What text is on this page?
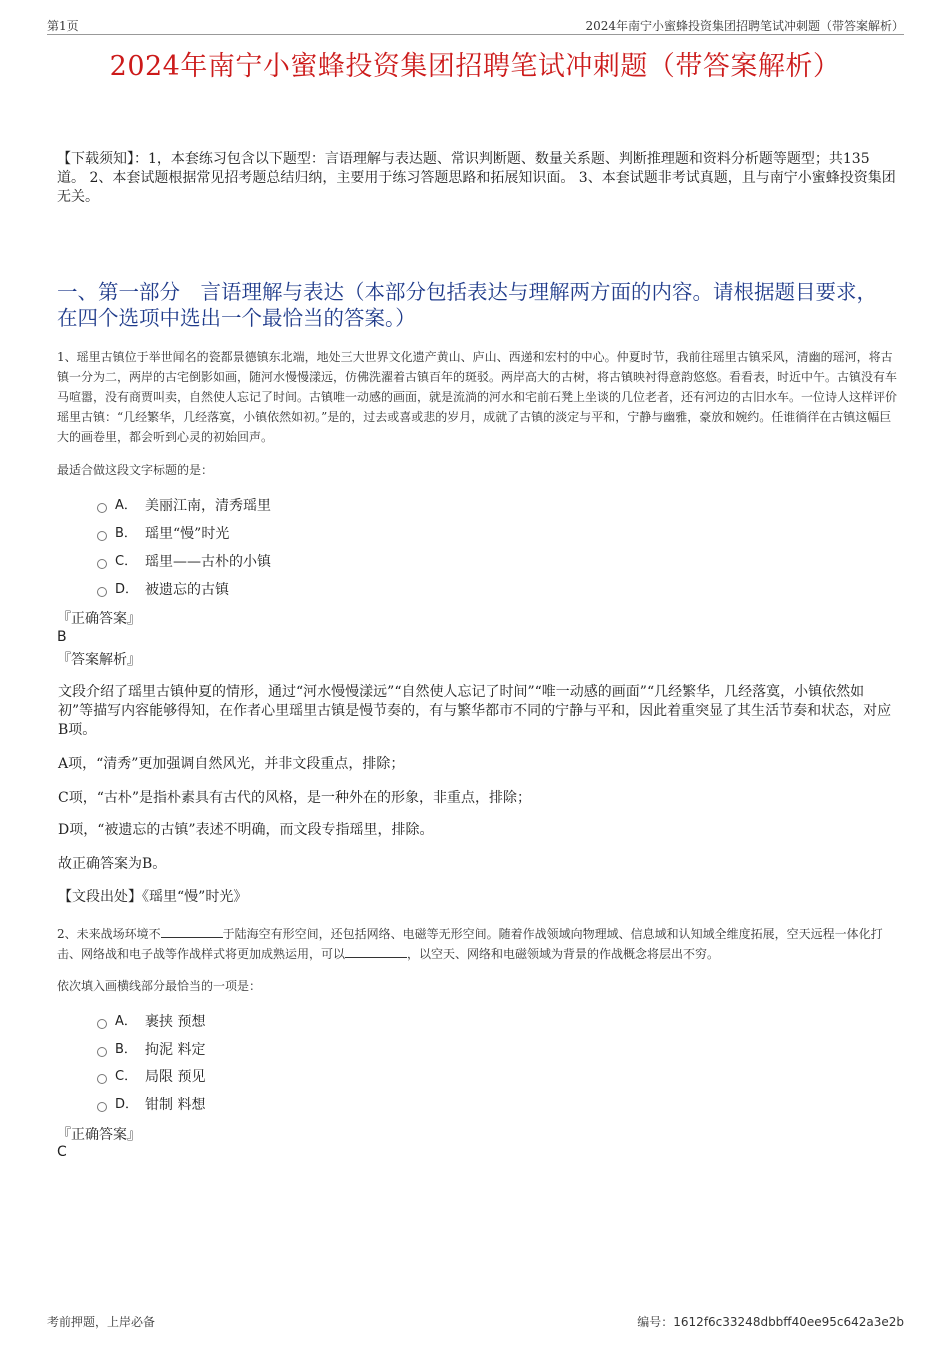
第1页	2024年南宁小蜜蜂投资集团招聘笔试冲刺题（带答案解析）
2024年南宁小蜜蜂投资集团招聘笔试冲刺题（带答案解析）
【下载须知】：1，本套练习包含以下题型：言语理解与表达题、常识判断题、数量关系题、判断推理题和资料分析题等题型；共135道。 2、本套试题根据常见招考题总结归纳，主要用于练习答题思路和拓展知识面。 3、本套试题非考试真题，且与南宁小蜜蜂投资集团无关。
一、第一部分　言语理解与表达（本部分包括表达与理解两方面的内容。请根据题目要求，在四个选项中选出一个最恰当的答案。）
1、瑶里古镇位于举世闻名的瓷都景德镇东北端，地处三大世界文化遗产黄山、庐山、西递和宏村的中心。仲夏时节，我前往瑶里古镇采风，清幽的瑶河，将古镇一分为二，两岸的古宅倒影如画，随河水慢慢漾远，仿佛洗濯着古镇百年的斑驳。两岸高大的古树，将古镇映衬得意韵悠悠。看看表，时近中午。古镇没有车马喧嚣，没有商贾叫卖，自然使人忘记了时间。古镇唯一动感的画面，就是流淌的河水和宅前石凳上坐谈的几位老者，还有河边的古旧水车。一位诗人这样评价瑶里古镇：“几经繁华，几经落寞，小镇依然如初。”是的，过去或喜或悲的岁月，成就了古镇的淡定与平和，宁静与幽雅，豪放和婉约。任谁徜徉在古镇这幅巨大的画卷里，都会听到心灵的初始回声。
最适合做这段文字标题的是：
A． 美丽江南，清秀瑶里
B． 瑶里“慢”时光
C． 瑶里——古朴的小镇
D． 被遗忘的古镇
『正确答案』
B
『答案解析』
文段介绍了瑶里古镇仲夏的情形，通过“河水慢慢漾远”“自然使人忘记了时间”“唯一动感的画面”“几经繁华，几经落寞，小镇依然如初”等描写内容能够得知，在作者心里瑶里古镇是慢节奏的，有与繁华都市不同的宁静与平和，因此着重突显了其生活节奏和状态，对应B项。
A项，“清秀”更加强调自然风光，并非文段重点，排除；
C项，“古朴”是指朴素具有古代的风格，是一种外在的形象，非重点，排除；
D项，“被遗忘的古镇”表述不明确，而文段专指瑶里，排除。
故正确答案为B。
【文段出处】《瑶里“慢”时光》
2、未来战场环境不	于陆海空有形空间，还包括网络、电磁等无形空间。随着作战领域向物理域、信息域和认知域全维度拓展，空天远程一体化打击、网络战和电子战等作战样式将更加成熟运用，可以	，以空天、网络和电磁领域为背景的作战概念将层出不穷。
依次填入画横线部分最恰当的一项是：
A． 裹挟 预想
B． 拘泥 料定
C． 局限 预见
D． 钳制 料想
『正确答案』
C
考前押题，上岸必备	编号：1612f6c33248dbbff40ee95c642a3e2b
